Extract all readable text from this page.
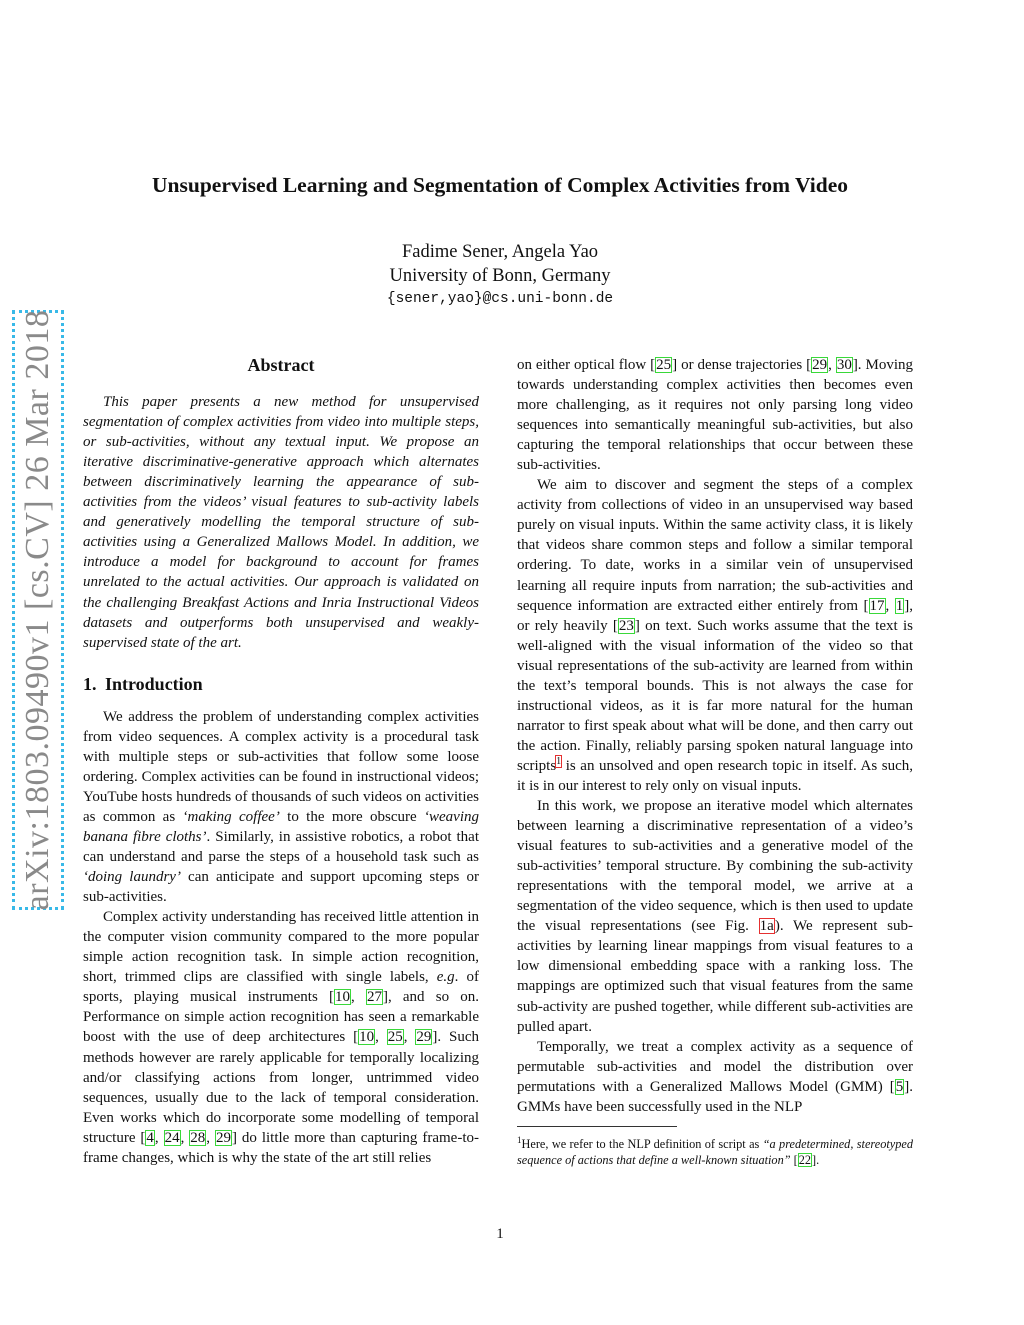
arXiv:1803.09490v1 [cs.CV] 26 Mar 2018
Unsupervised Learning and Segmentation of Complex Activities from Video
Fadime Sener, Angela Yao
University of Bonn, Germany
{sener,yao}@cs.uni-bonn.de
Abstract

This paper presents a new method for unsupervised segmentation of complex activities from video into multiple steps, or sub-activities, without any textual input. We propose an iterative discriminative-generative approach which alternates between discriminatively learning the appearance of sub-activities from the videos’ visual features to sub-activity labels and generatively modelling the temporal structure of sub-activities using a Generalized Mallows Model. In addition, we introduce a model for background to account for frames unrelated to the actual activities. Our approach is validated on the challenging Breakfast Actions and Inria Instructional Videos datasets and outperforms both unsupervised and weakly-supervised state of the art.

1. Introduction

We address the problem of understanding complex activities from video sequences. A complex activity is a procedural task with multiple steps or sub-activities that follow some loose ordering. Complex activities can be found in instructional videos; YouTube hosts hundreds of thousands of such videos on activities as common as ‘making coffee’ to the more obscure ‘weaving banana fibre cloths’. Similarly, in assistive robotics, a robot that can understand and parse the steps of a household task such as ‘doing laundry’ can anticipate and support upcoming steps or sub-activities.

Complex activity understanding has received little attention in the computer vision community compared to the more popular simple action recognition task. In simple action recognition, short, trimmed clips are classified with single labels, e.g. of sports, playing musical instruments [10, 27], and so on. Performance on simple action recognition has seen a remarkable boost with the use of deep architectures [10, 25, 29]. Such methods however are rarely applicable for temporally localizing and/or classifying actions from longer, untrimmed video sequences, usually due to the lack of temporal consideration. Even works which do incorporate some modelling of temporal structure [4, 24, 28, 29] do little more than capturing frame-to-frame changes, which is why the state of the art still relies

on either optical flow [25] or dense trajectories [29, 30]. Moving towards understanding complex activities then becomes even more challenging, as it requires not only parsing long video sequences into semantically meaningful sub-activities, but also capturing the temporal relationships that occur between these sub-activities.

We aim to discover and segment the steps of a complex activity from collections of video in an unsupervised way based purely on visual inputs. Within the same activity class, it is likely that videos share common steps and follow a similar temporal ordering. To date, works in a similar vein of unsupervised learning all require inputs from narration; the sub-activities and sequence information are extracted either entirely from [17, 1], or rely heavily [23] on text. Such works assume that the text is well-aligned with the visual information of the video so that visual representations of the sub-activity are learned from within the text’s temporal bounds. This is not always the case for instructional videos, as it is far more natural for the human narrator to first speak about what will be done, and then carry out the action. Finally, reliably parsing spoken natural language into scripts$^1$ is an unsolved and open research topic in itself. As such, it is in our interest to rely only on visual inputs.

In this work, we propose an iterative model which alternates between learning a discriminative representation of a video’s visual features to sub-activities and a generative model of the sub-activities’ temporal structure. By combining the sub-activity representations with the temporal model, we arrive at a segmentation of the video sequence, which is then used to update the visual representations (see Fig. 1a). We represent sub-activities by learning linear mappings from visual features to a low dimensional embedding space with a ranking loss. The mappings are optimized such that visual features from the same sub-activity are pushed together, while different sub-activities are pulled apart.

Temporally, we treat a complex activity as a sequence of permutable sub-activities and model the distribution over permutations with a Generalized Mallows Model (GMM) [5]. GMMs have been successfully used in the NLP

$^1$Here, we refer to the NLP definition of script as “a predetermined, stereotyped sequence of actions that define a well-known situation” [22].

1
